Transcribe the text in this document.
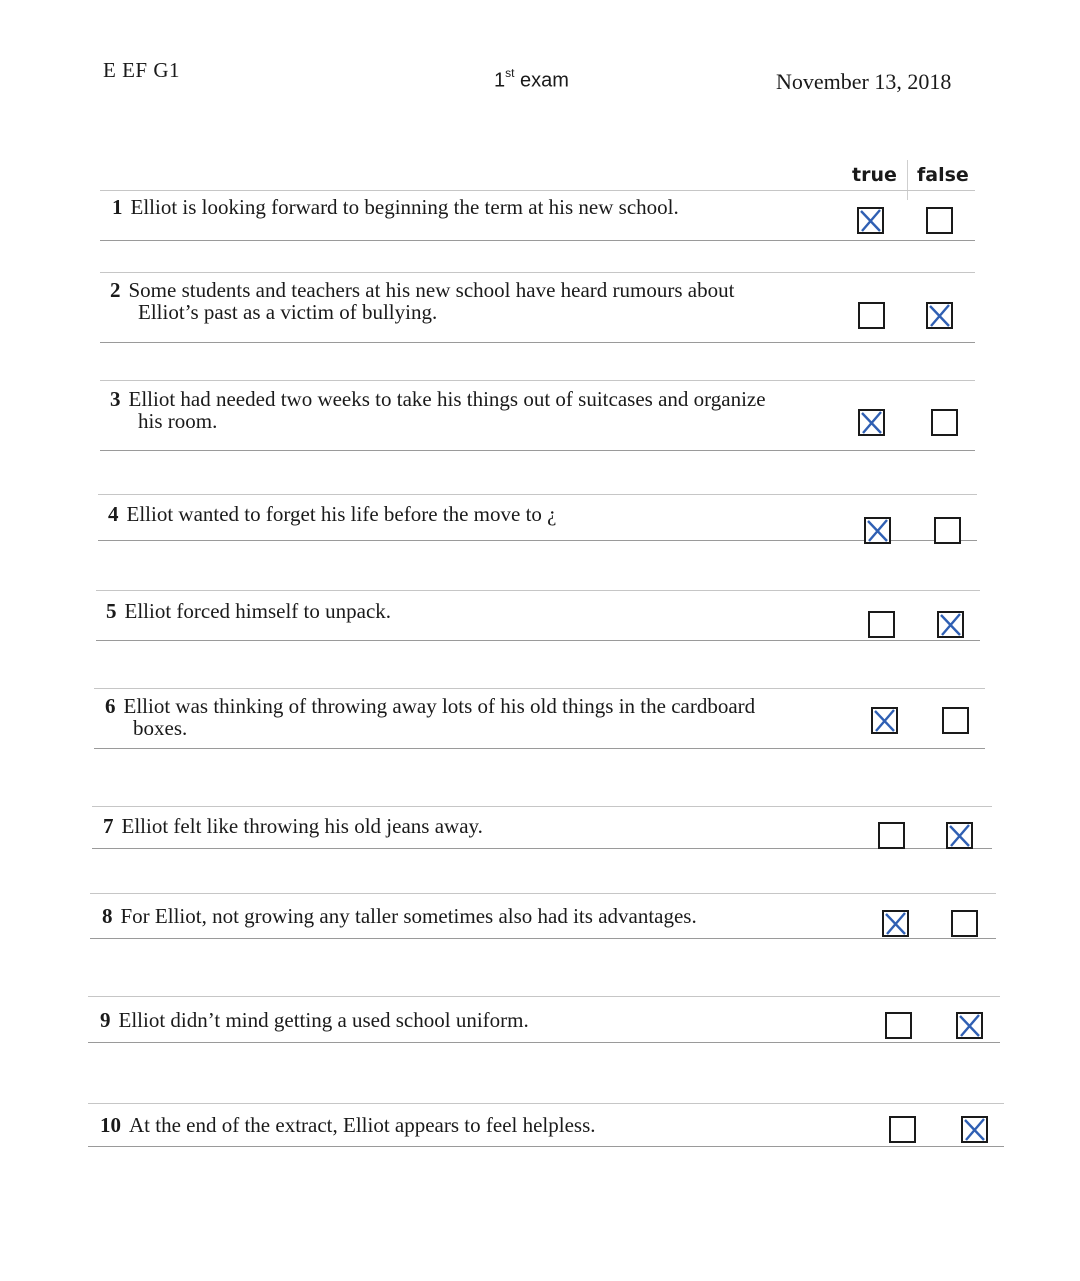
E EF G1	1st exam	November 13, 2018
true false
1 Elliot is looking forward to beginning the term at his new school.
2 Some students and teachers at his new school have heard rumours about
Elliot’s past as a victim of bullying.
3 Elliot had needed two weeks to take his things out of suitcases and organize
his room.
4 Elliot wanted to forget his life before the move to ¿
5 Elliot forced himself to unpack.
6 Elliot was thinking of throwing away lots of his old things in the cardboard
boxes.
7 Elliot felt like throwing his old jeans away.
8 For Elliot, not growing any taller sometimes also had its advantages.
9 Elliot didn’t mind getting a used school uniform.
10 At the end of the extract, Elliot appears to feel helpless.
